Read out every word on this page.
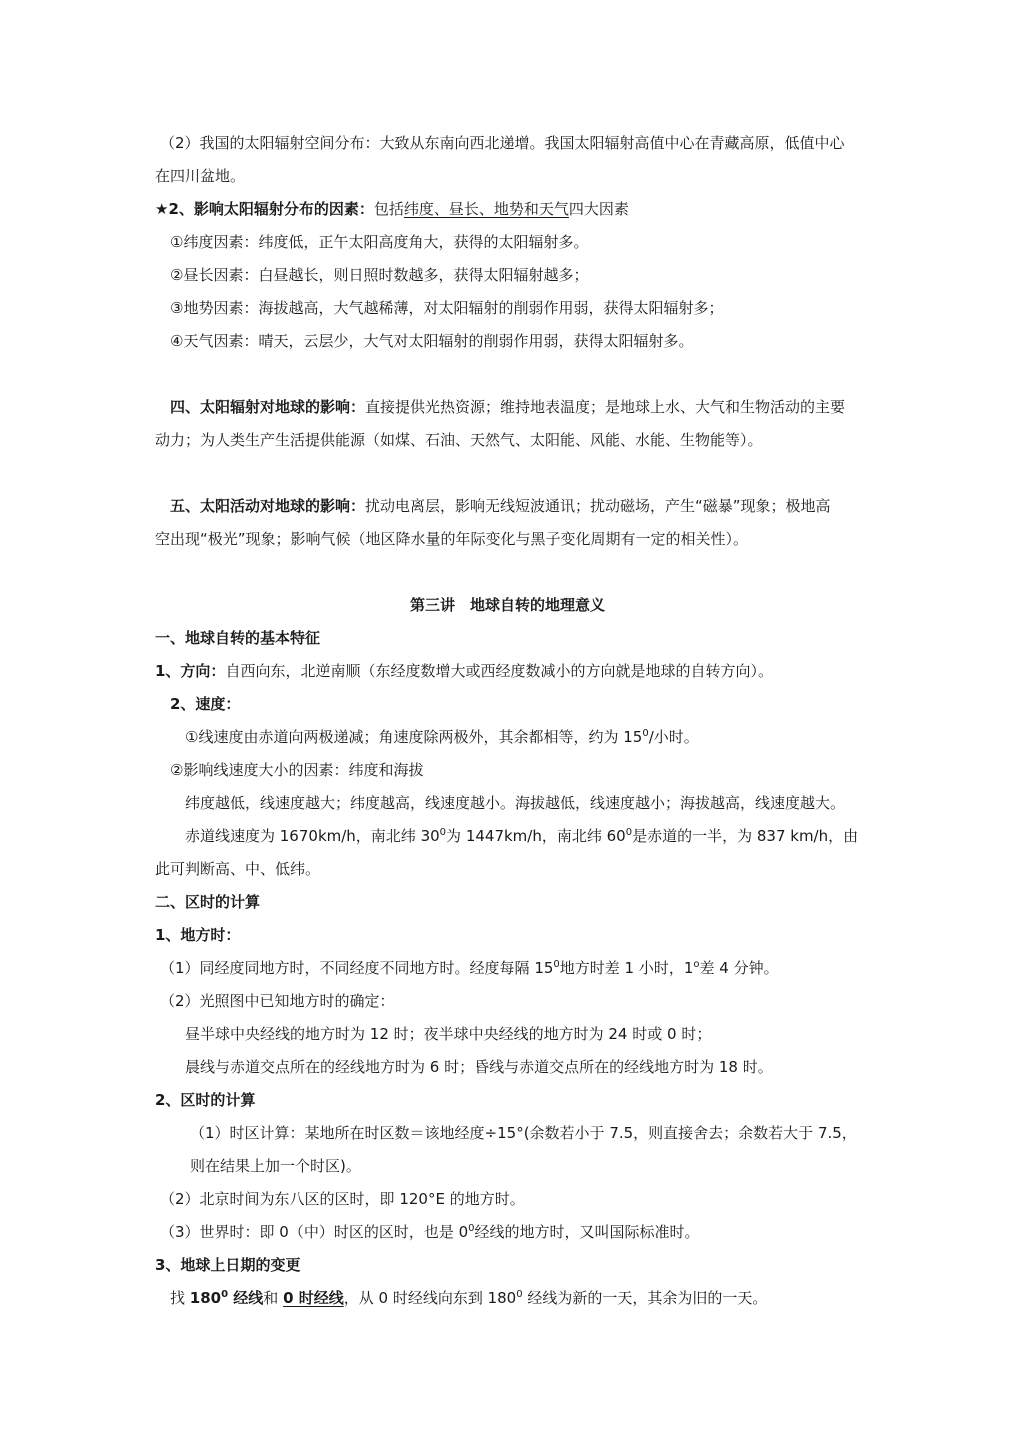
（2）我国的太阳辐射空间分布：大致从东南向西北递增。我国太阳辐射高值中心在青藏高原，低值中心
在四川盆地。
★2、影响太阳辐射分布的因素：包括纬度、昼长、地势和天气四大因素
①纬度因素：纬度低，正午太阳高度角大，获得的太阳辐射多。
②昼长因素：白昼越长，则日照时数越多，获得太阳辐射越多；
③地势因素：海拔越高，大气越稀薄，对太阳辐射的削弱作用弱，获得太阳辐射多；
④天气因素：晴天，云层少，大气对太阳辐射的削弱作用弱，获得太阳辐射多。
四、太阳辐射对地球的影响：直接提供光热资源；维持地表温度；是地球上水、大气和生物活动的主要
动力；为人类生产生活提供能源（如煤、石油、天然气、太阳能、风能、水能、生物能等）。
五、太阳活动对地球的影响：扰动电离层，影响无线短波通讯；扰动磁场，产生“磁暴”现象；极地高
空出现“极光”现象；影响气候（地区降水量的年际变化与黑子变化周期有一定的相关性）。
第三讲　地球自转的地理意义
一、地球自转的基本特征
1、方向：自西向东，北逆南顺（东经度数增大或西经度数减小的方向就是地球的自转方向）。
2、速度：
①线速度由赤道向两极递减；角速度除两极外，其余都相等，约为 $15^0/$小时。
②影响线速度大小的因素：纬度和海拔
纬度越低，线速度越大；纬度越高，线速度越小。海拔越低，线速度越小；海拔越高，线速度越大。
赤道线速度为 1670km/h，南北纬 $30^0$为 1447km/h，南北纬 $60^0$是赤道的一半，为 837 km/h，由
此可判断高、中、低纬。
二、区时的计算
1、地方时：
（1）同经度同地方时，不同经度不同地方时。经度每隔 $15^0$地方时差 1 小时，1$^o$差 4 分钟。
（2）光照图中已知地方时的确定：
昼半球中央经线的地方时为 12 时；夜半球中央经线的地方时为 24 时或 0 时；
晨线与赤道交点所在的经线地方时为 6 时；昏线与赤道交点所在的经线地方时为 18 时。
2、区时的计算
（1）时区计算：某地所在时区数＝该地经度÷15°(余数若小于 7.5，则直接舍去；余数若大于 7.5，
则在结果上加一个时区)。
（2）北京时间为东八区的区时，即 120°E 的地方时。
（3）世界时：即 0（中）时区的区时，也是 $0^0$经线的地方时，又叫国际标准时。
3、地球上日期的变更
找 $180^0$ 经线和 0 时经线，从 0 时经线向东到 $180^0$ 经线为新的一天，其余为旧的一天。
